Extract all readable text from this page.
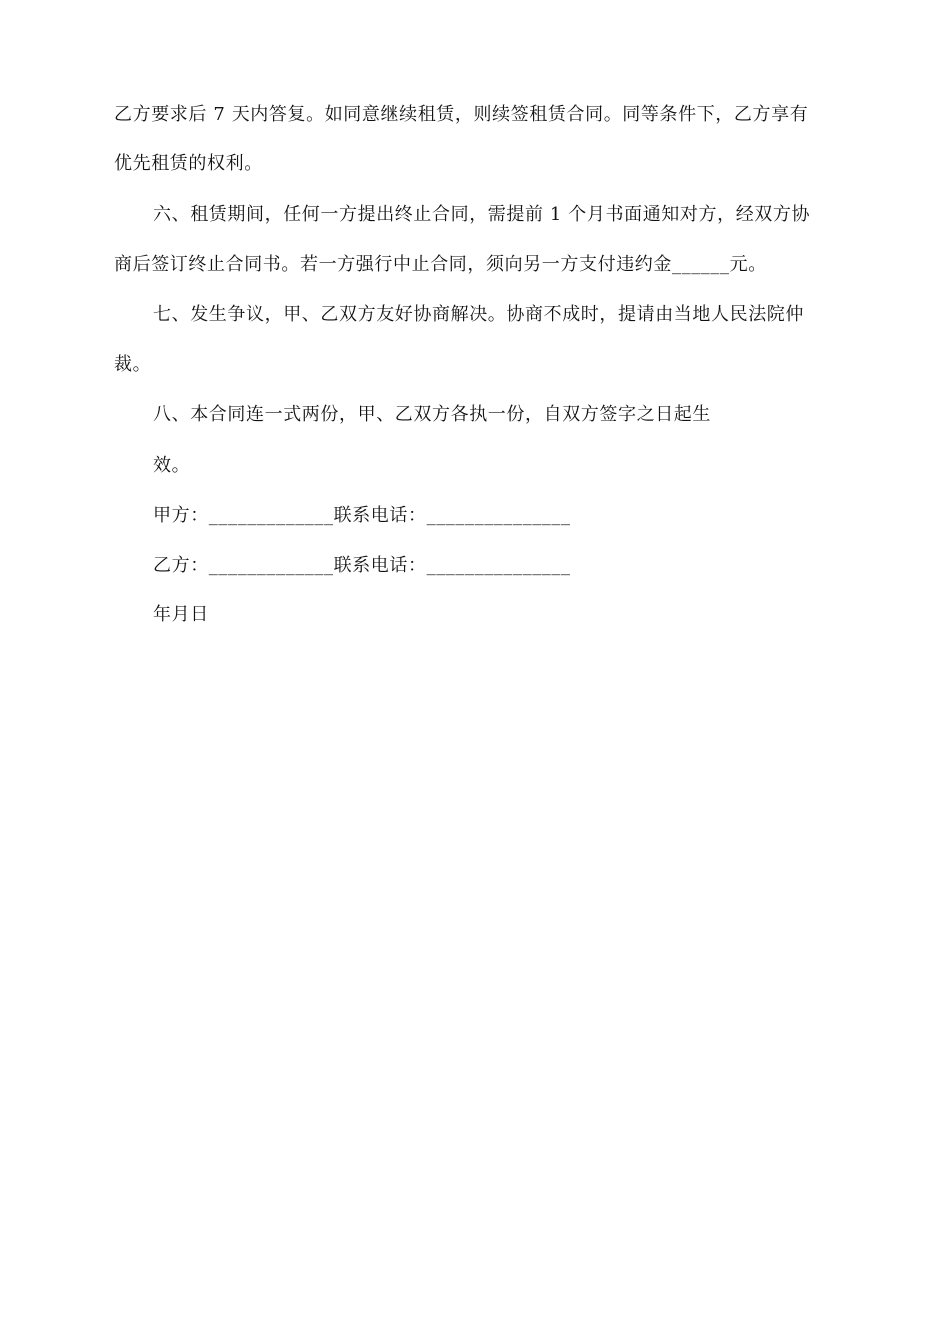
乙方要求后 7 天内答复。如同意继续租赁，则续签租赁合同。同等条件下，乙方享有
优先租赁的权利。
六、租赁期间，任何一方提出终止合同，需提前 1 个月书面通知对方，经双方协
商后签订终止合同书。若一方强行中止合同，须向另一方支付违约金______元。
七、发生争议，甲、乙双方友好协商解决。协商不成时，提请由当地人民法院仲
裁。
八、本合同连一式两份，甲、乙双方各执一份，自双方签字之日起生
效。
甲方：_____________联系电话：_______________
乙方：_____________联系电话：_______________
年月日
